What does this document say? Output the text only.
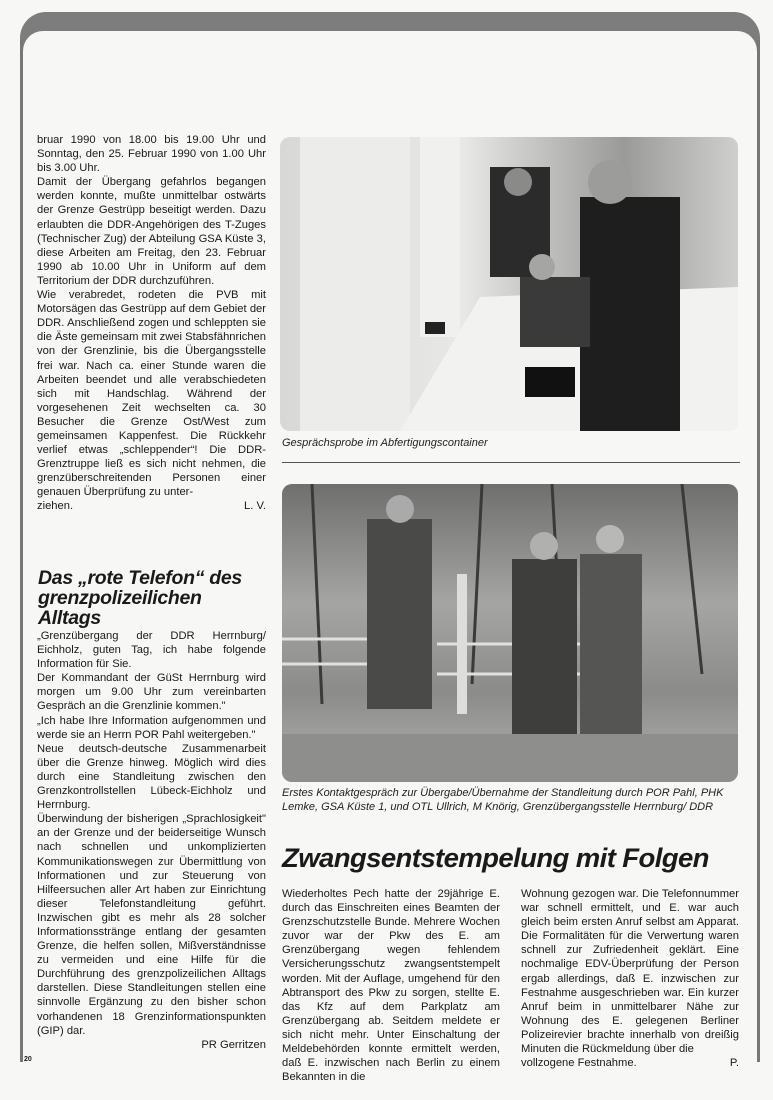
20

bruar 1990 von 18.00 bis 19.00 Uhr und Sonntag, den 25. Februar 1990 von 1.00 Uhr bis 3.00 Uhr.

Damit der Übergang gefahrlos begangen werden konnte, mußte unmittelbar ostwärts der Grenze Gestrüpp beseitigt werden. Dazu erlaubten die DDR-Angehörigen des T-Zuges (Technischer Zug) der Abteilung GSA Küste 3, diese Arbeiten am Freitag, den 23. Februar 1990 ab 10.00 Uhr in Uniform auf dem Territorium der DDR durchzuführen.

Wie verabredet, rodeten die PVB mit Motorsägen das Gestrüpp auf dem Gebiet der DDR. Anschließend zogen und schleppten sie die Äste gemeinsam mit zwei Stabsfähnrichen von der Grenzlinie, bis die Übergangsstelle frei war. Nach ca. einer Stunde waren die Arbeiten beendet und alle verabschiedeten sich mit Handschlag. Während der vorgesehenen Zeit wechselten ca. 30 Besucher die Grenze Ost/West zum gemeinsamen Kappenfest. Die Rückkehr verlief etwas „schleppender“! Die DDR-Grenztruppe ließ es sich nicht nehmen, die grenzüberschreitenden Personen einer genauen Überprüfung zu unter-

ziehen.	L. V.

Das „rote Telefon“ des grenzpolizeilichen Alltags

„Grenzübergang der DDR Herrnburg/ Eichholz, guten Tag, ich habe folgende Information für Sie.

Der Kommandant der GüSt Herrnburg wird morgen um 9.00 Uhr zum vereinbarten Gespräch an die Grenzlinie kommen."

„Ich habe Ihre Information aufgenommen und werde sie an Herrn POR Pahl weitergeben."

Neue deutsch-deutsche Zusammenarbeit über die Grenze hinweg. Möglich wird dies durch eine Standleitung zwischen den Grenzkontrollstellen Lübeck-Eichholz und Herrnburg.

Überwindung der bisherigen „Sprachlosigkeit" an der Grenze und der beiderseitige Wunsch nach schnellen und unkomplizierten Kommunikationswegen zur Übermittlung von Informationen und zur Steuerung von Hilfeersuchen aller Art haben zur Einrichtung dieser Telefonstandleitung geführt. Inzwischen gibt es mehr als 28 solcher Informationsstränge entlang der gesamten Grenze, die helfen sollen, Mißverständnisse zu vermeiden und eine Hilfe für die Durchführung des grenzpolizeilichen Alltags darstellen. Diese Standleitungen stellen eine sinnvolle Ergänzung zu den bisher schon vorhandenen 18 Grenzinformationspunkten (GIP) dar.

PR Gerritzen

Gesprächsprobe im Abfertigungscontainer
Erstes Kontaktgespräch zur Übergabe/Übernahme der Standleitung durch POR Pahl, PHK Lemke, GSA Küste 1, und OTL Ullrich, M Knörig, Grenzübergangsstelle Herrnburg/ DDR
Zwangsentstempelung mit Folgen

Wiederholtes Pech hatte der 29jährige E. durch das Einschreiten eines Beamten der Grenzschutzstelle Bunde. Mehrere Wochen zuvor war der Pkw des E. am Grenzübergang wegen fehlendem Versicherungsschutz zwangsentstempelt worden. Mit der Auflage, umgehend für den Abtransport des Pkw zu sorgen, stellte E. das Kfz auf dem Parkplatz am Grenzübergang ab. Seitdem meldete er sich nicht mehr. Unter Einschaltung der Meldebehörden konnte ermittelt werden, daß E. inzwischen nach Berlin zu einem Bekannten in die

Wohnung gezogen war. Die Telefonnummer war schnell ermittelt, und E. war auch gleich beim ersten Anruf selbst am Apparat. Die Formalitäten für die Verwertung waren schnell zur Zufriedenheit geklärt. Eine nochmalige EDV-Überprüfung der Person ergab allerdings, daß E. inzwischen zur Festnahme ausgeschrieben war. Ein kurzer Anruf beim in unmittelbarer Nähe zur Wohnung des E. gelegenen Berliner Polizeirevier brachte innerhalb von dreißig Minuten die Rückmeldung über die

vollzogene Festnahme.	P.
